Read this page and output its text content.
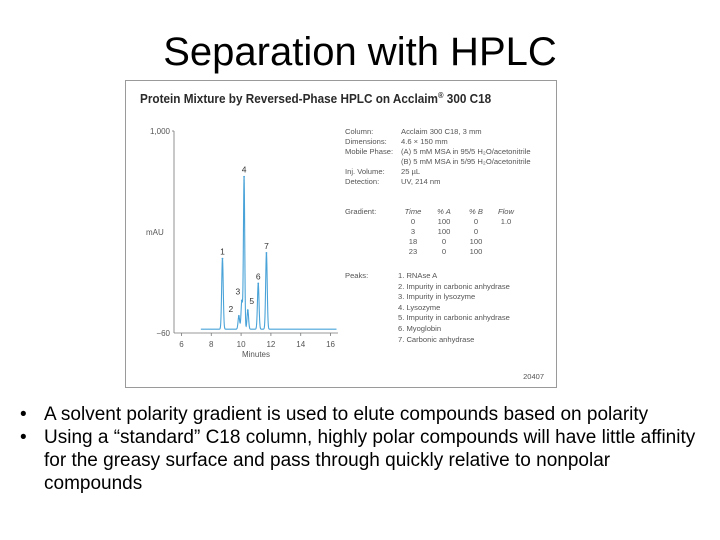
Separation with HPLC
Protein Mixture by Reversed-Phase HPLC on Acclaim® 300 C18
mAU
Minutes
1,000
−60
6	8	10	12	14	16
1
2
3
4
5
6
7
Column:	Acclaim 300 C18, 3 mm
Dimensions:	4.6 × 150 mm
Mobile Phase:	(A) 5 mM MSA in 95/5 H₂O/acetonitrile
(B) 5 mM MSA in 5/95 H₂O/acetonitrile
Inj. Volume:	25 µL
Detection:	UV, 214 nm
Gradient:	Time	% A	% B	Flow
0	100	0	1.0
3	100	0	
18	0	100	
23	0	100	
Peaks:	1. RNAse A
2. Impurity in carbonic anhydrase
3. Impurity in lysozyme
4. Lysozyme
5. Impurity in carbonic anhydrase
6. Myoglobin
7. Carbonic anhydrase
20407
• A solvent polarity gradient is used to elute compounds based on polarity
• Using a “standard” C18 column, highly polar compounds will have little affinity for the greasy surface and pass through quickly relative to nonpolar compounds
